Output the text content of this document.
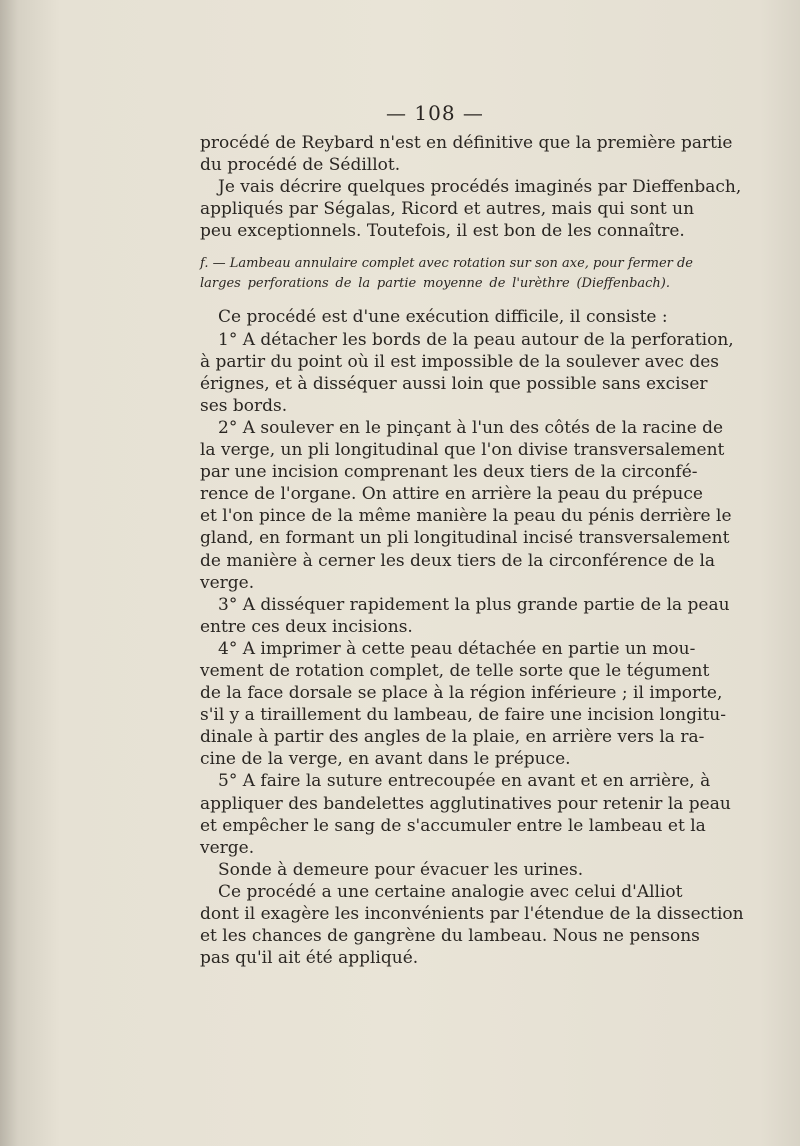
— 108 —
procédé de Reybard n'est en définitive que la première partie
du procédé de Sédillot.
Je vais décrire quelques procédés imaginés par Dieffenbach,
appliqués par Ségalas, Ricord et autres, mais qui sont un
peu exceptionnels. Toutefois, il est bon de les connaître.
f. — Lambeau annulaire complet avec rotation sur son axe, pour fermer de
larges perforations de la partie moyenne de l'urèthre (Dieffenbach).
Ce procédé est d'une exécution difficile, il consiste :
1° A détacher les bords de la peau autour de la perforation,
à partir du point où il est impossible de la soulever avec des
érignes, et à disséquer aussi loin que possible sans exciser
ses bords.
2° A soulever en le pinçant à l'un des côtés de la racine de
la verge, un pli longitudinal que l'on divise transversalement
par une incision comprenant les deux tiers de la circonfé-
rence de l'organe. On attire en arrière la peau du prépuce
et l'on pince de la même manière la peau du pénis derrière le
gland, en formant un pli longitudinal incisé transversalement
de manière à cerner les deux tiers de la circonférence de la
verge.
3° A disséquer rapidement la plus grande partie de la peau
entre ces deux incisions.
4° A imprimer à cette peau détachée en partie un mou-
vement de rotation complet, de telle sorte que le tégument
de la face dorsale se place à la région inférieure ; il importe,
s'il y a tiraillement du lambeau, de faire une incision longitu-
dinale à partir des angles de la plaie, en arrière vers la ra-
cine de la verge, en avant dans le prépuce.
5° A faire la suture entrecoupée en avant et en arrière, à
appliquer des bandelettes agglutinatives pour retenir la peau
et empêcher le sang de s'accumuler entre le lambeau et la
verge.
Sonde à demeure pour évacuer les urines.
Ce procédé a une certaine analogie avec celui d'Alliot
dont il exagère les inconvénients par l'étendue de la dissection
et les chances de gangrène du lambeau. Nous ne pensons
pas qu'il ait été appliqué.
